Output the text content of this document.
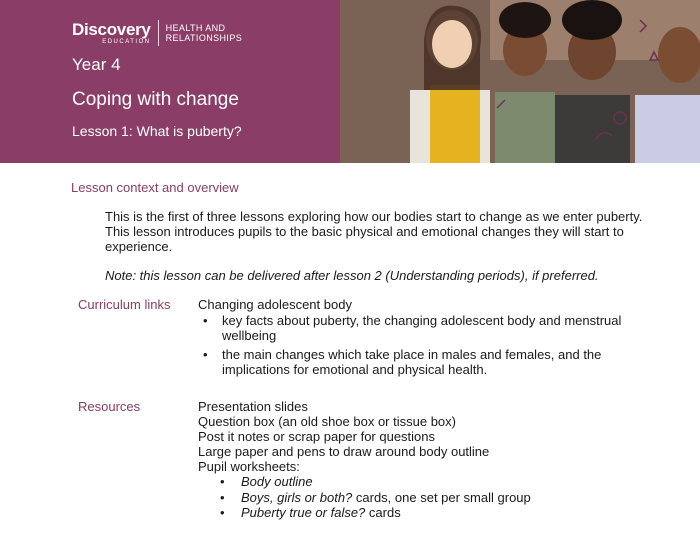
Discovery
EDUCATION
HEALTH AND
RELATIONSHIPS
Year 4
Coping with change
Lesson 1: What is puberty?
Lesson context and overview

This is the first of three lessons exploring how our bodies start to change as we enter puberty. This lesson introduces pupils to the basic physical and emotional changes they will start to experience.

Note: this lesson can be delivered after lesson 2 (Understanding periods), if preferred.

Curriculum links Changing adolescent body
• key facts about puberty, the changing adolescent body and menstrual wellbeing
• the main changes which take place in males and females, and the implications for emotional and physical health.
Resources	Presentation slides
Question box (an old shoe box or tissue box)
Post it notes or scrap paper for questions
Large paper and pens to draw around body outline
Pupil worksheets:
• Body outline
• Boys, girls or both? cards, one set per small group
• Puberty true or false? cards
